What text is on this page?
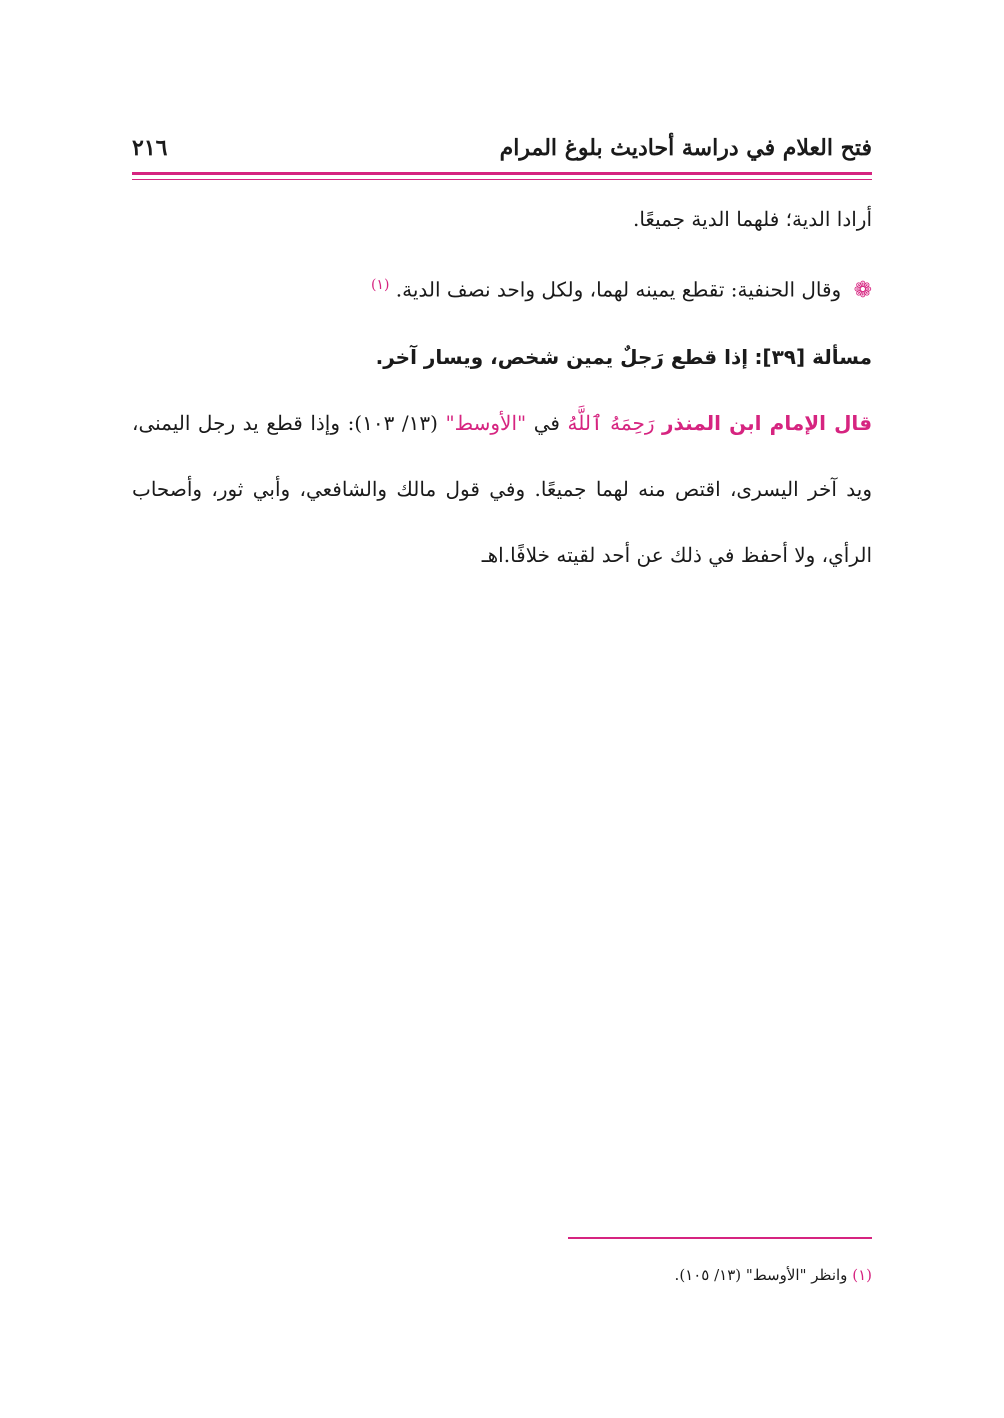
فتح العلام في دراسة أحاديث بلوغ المرام
٢١٦

أرادا الدية؛ فلهما الدية جميعًا.

❁ وقال الحنفية: تقطع يمينه لهما، ولكل واحد نصف الدية. $^{(١)}$

مسألة [٣٩]: إذا قطع رَجلٌ يمين شخص، ويسار آخر.

قال الإمام ابن المنذر رَحِمَهُ ٱللَّهُ في "الأوسط" (١٣/ ١٠٣): وإذا قطع يد رجل اليمنى، ويد آخر اليسرى، اقتص منه لهما جميعًا. وفي قول مالك والشافعي، وأبي ثور، وأصحاب الرأي، ولا أحفظ في ذلك عن أحد لقيته خلافًا.اهـ

(١) وانظر "الأوسط" (١٣/ ١٠٥).
